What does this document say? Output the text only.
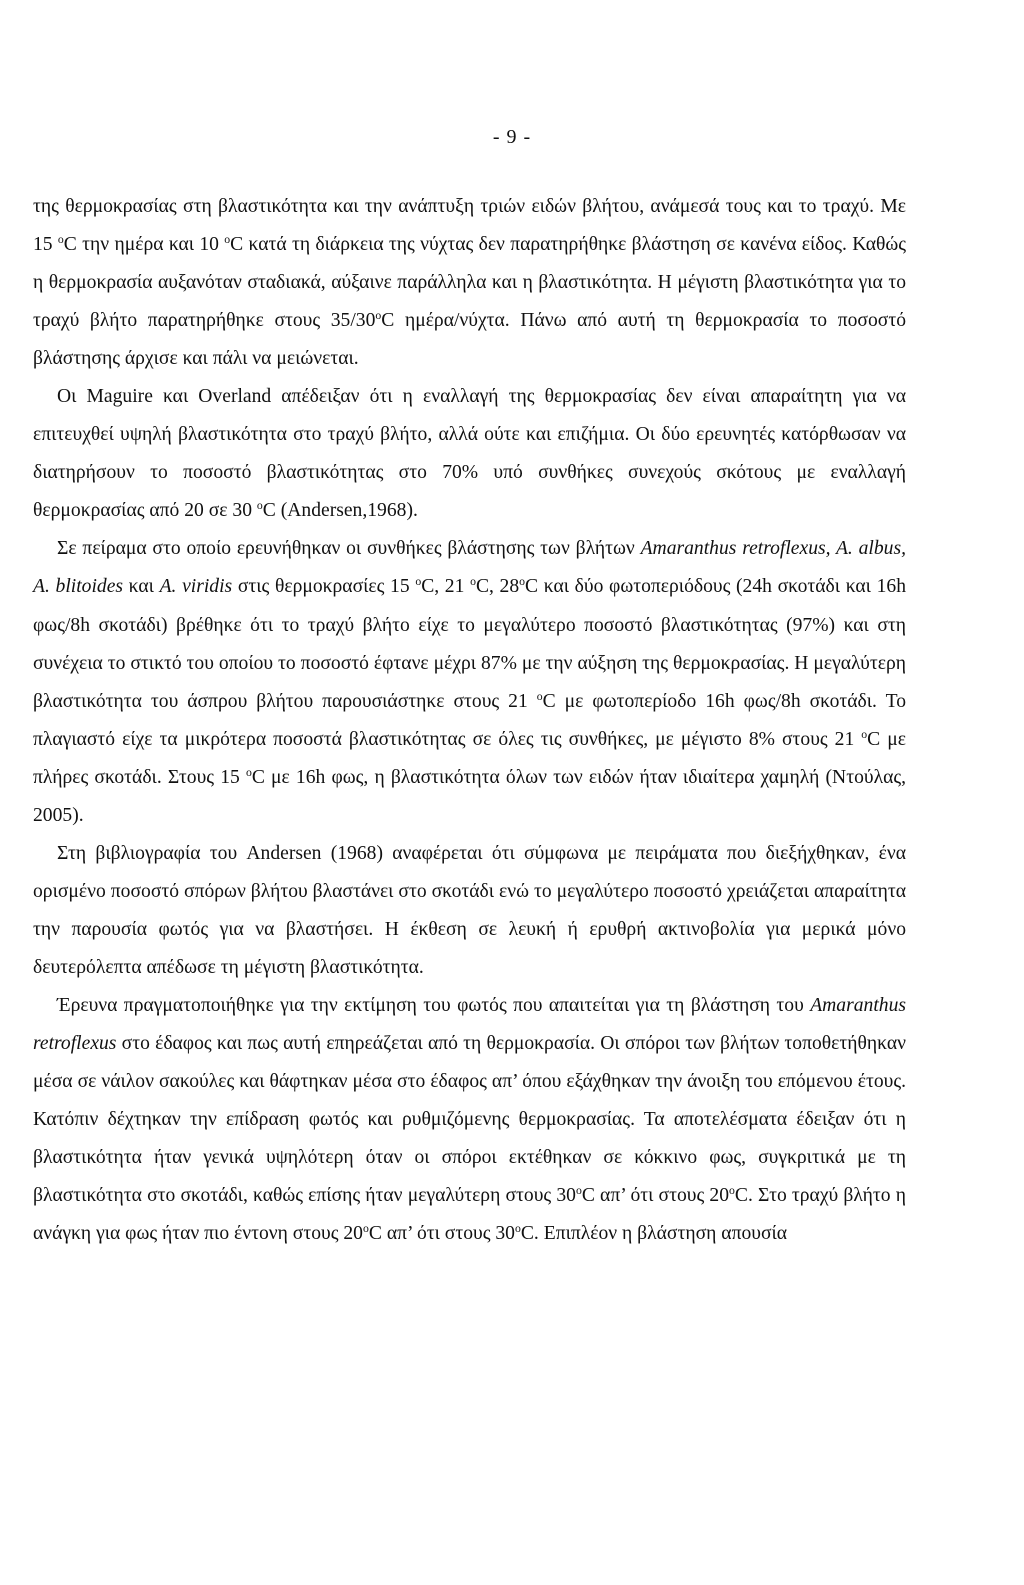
- 9 -

της θερμοκρασίας στη βλαστικότητα και την ανάπτυξη τριών ειδών βλήτου, ανάμεσά τους και το τραχύ. Με 15 $^o$C την ημέρα και 10 $^o$C κατά τη διάρκεια της νύχτας δεν παρατηρήθηκε βλάστηση σε κανένα είδος. Καθώς η θερμοκρασία αυξανόταν σταδιακά, αύξαινε παράλληλα και η βλαστικότητα. Η μέγιστη βλαστικότητα για το τραχύ βλήτο παρατηρήθηκε στους $35/30^oC$ ημέρα/νύχτα. Πάνω από αυτή τη θερμοκρασία το ποσοστό βλάστησης άρχισε και πάλι να μειώνεται.

Οι Maguire και Overland απέδειξαν ότι η εναλλαγή της θερμοκρασίας δεν είναι απαραίτητη για να επιτευχθεί υψηλή βλαστικότητα στο τραχύ βλήτο, αλλά ούτε και επιζήμια. Οι δύο ερευνητές κατόρθωσαν να διατηρήσουν το ποσοστό βλαστικότητας στο 70% υπό συνθήκες συνεχούς σκότους με εναλλαγή θερμοκρασίας από 20 σε 30 $^o$C (Andersen,1968).

Σε πείραμα στο οποίο ερευνήθηκαν οι συνθήκες βλάστησης των βλήτων Amaranthus retroflexus, A. albus, A. blitoides και A. viridis στις θερμοκρασίες 15 $^o$C, 21 $^o$C, $28^oC$ και δύο φωτοπεριόδους (24h σκοτάδι και 16h φως/8h σκοτάδι) βρέθηκε ότι το τραχύ βλήτο είχε το μεγαλύτερο ποσοστό βλαστικότητας (97%) και στη συνέχεια το στικτό του οποίου το ποσοστό έφτανε μέχρι 87% με την αύξηση της θερμοκρασίας. Η μεγαλύτερη βλαστικότητα του άσπρου βλήτου παρουσιάστηκε στους 21 $^o$C με φωτοπερίοδο 16h φως/8h σκοτάδι. Το πλαγιαστό είχε τα μικρότερα ποσοστά βλαστικότητας σε όλες τις συνθήκες, με μέγιστο 8% στους 21 $^o$C με πλήρες σκοτάδι. Στους 15 $^o$C με 16h φως, η βλαστικότητα όλων των ειδών ήταν ιδιαίτερα χαμηλή (Ντούλας, 2005).

Στη βιβλιογραφία του Andersen (1968) αναφέρεται ότι σύμφωνα με πειράματα που διεξήχθηκαν, ένα ορισμένο ποσοστό σπόρων βλήτου βλαστάνει στο σκοτάδι ενώ το μεγαλύτερο ποσοστό χρειάζεται απαραίτητα την παρουσία φωτός για να βλαστήσει. Η έκθεση σε λευκή ή ερυθρή ακτινοβολία για μερικά μόνο δευτερόλεπτα απέδωσε τη μέγιστη βλαστικότητα.

Έρευνα πραγματοποιήθηκε για την εκτίμηση του φωτός που απαιτείται για τη βλάστηση του Amaranthus retroflexus στο έδαφος και πως αυτή επηρεάζεται από τη θερμοκρασία. Οι σπόροι των βλήτων τοποθετήθηκαν μέσα σε νάιλον σακούλες και θάφτηκαν μέσα στο έδαφος απ’ όπου εξάχθηκαν την άνοιξη του επόμενου έτους. Κατόπιν δέχτηκαν την επίδραση φωτός και ρυθμιζόμενης θερμοκρασίας. Τα αποτελέσματα έδειξαν ότι η βλαστικότητα ήταν γενικά υψηλότερη όταν οι σπόροι εκτέθηκαν σε κόκκινο φως, συγκριτικά με τη βλαστικότητα στο σκοτάδι, καθώς επίσης ήταν μεγαλύτερη στους $30^oC$ απ’ ότι στους $20^oC$. Στο τραχύ βλήτο η ανάγκη για φως ήταν πιο έντονη στους $20^oC$ απ’ ότι στους $30^oC$. Επιπλέον η βλάστηση απουσία
